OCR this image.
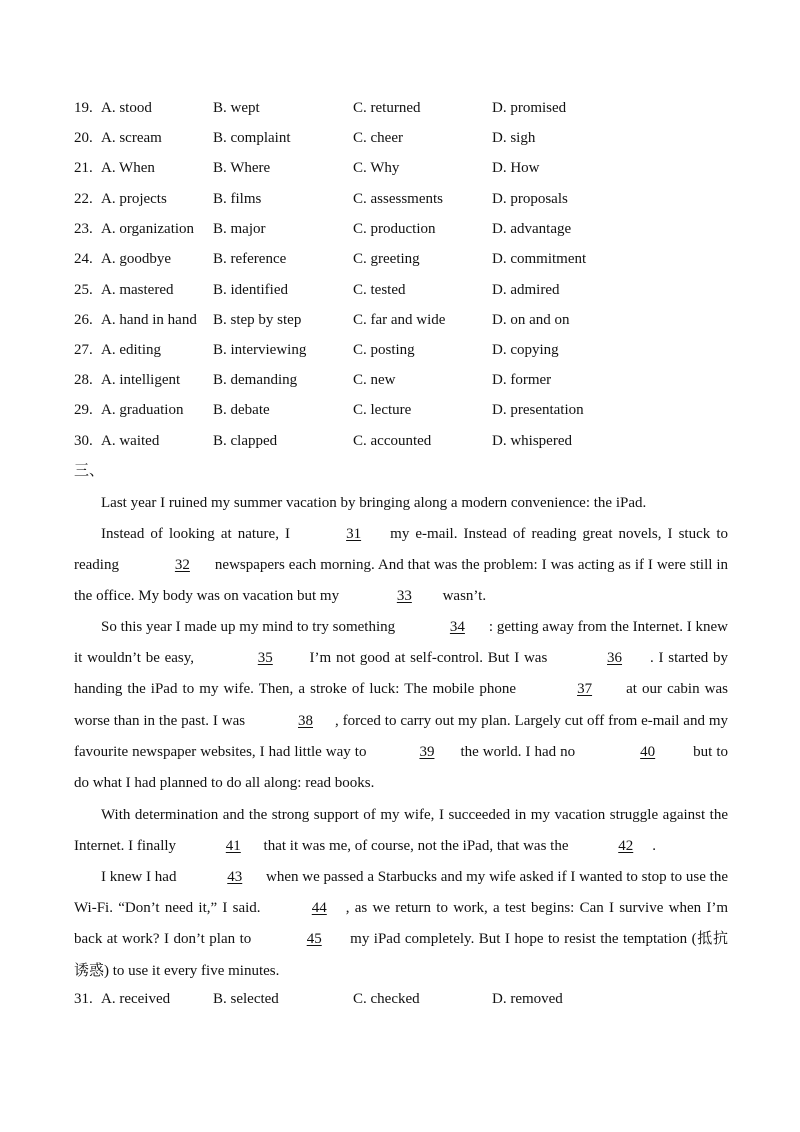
19. A. stood	B. wept	C. returned	D. promised
20. A. scream	B. complaint	C. cheer	D. sigh
21. A. When	B. Where	C. Why	D. How
22. A. projects	B. films	C. assessments	D. proposals
23. A. organization B. major	C. production	D. advantage
24. A. goodbye	B. reference	C. greeting	D. commitment
25. A. mastered	B. identified	C. tested	D. admired
26. A. hand in hand B. step by step	C. far and wide	D. on and on
27. A. editing	B. interviewing	C. posting	D. copying
28. A. intelligent B. demanding	C. new	D. former
29. A. graduation B. debate	C. lecture	D. presentation
30. A. waited	B. clapped	C. accounted	D. whispered
三、
Last year I ruined my summer vacation by bringing along a modern convenience: the iPad.
Instead of looking at nature, I	31 my e-mail. Instead of reading great novels, I stuck to reading	32 newspapers each morning. And that was the problem: I was acting as if I were still in the office. My body was on vacation but my	33 wasn’t.
So this year I made up my mind to try something	34 : getting away from the Internet. I knew it wouldn’t be easy,	35 I’m not good at self-control. But I was	36 . I started by handing the iPad to my wife. Then, a stroke of luck: The mobile phone	37 at our cabin was worse than in the past. I was	38 , forced to carry out my plan. Largely cut off from e-mail and my favourite newspaper websites, I had little way to	39 the world. I had no	40 but to do what I had planned to do all along: read books.
With determination and the strong support of my wife, I succeeded in my vacation struggle against the Internet. I finally	41 that it was me, of course, not the iPad, that was the	42 .
I knew I had	43 when we passed a Starbucks and my wife asked if I wanted to stop to use the Wi-Fi. “Don’t need it,” I said.	44 , as we return to work, a test begins: Can I survive when I’m back at work? I don’t plan to	45 my iPad completely. But I hope to resist the temptation (抵抗诱惑) to use it every five minutes.
31. A. received	B. selected	C. checked	D. removed
